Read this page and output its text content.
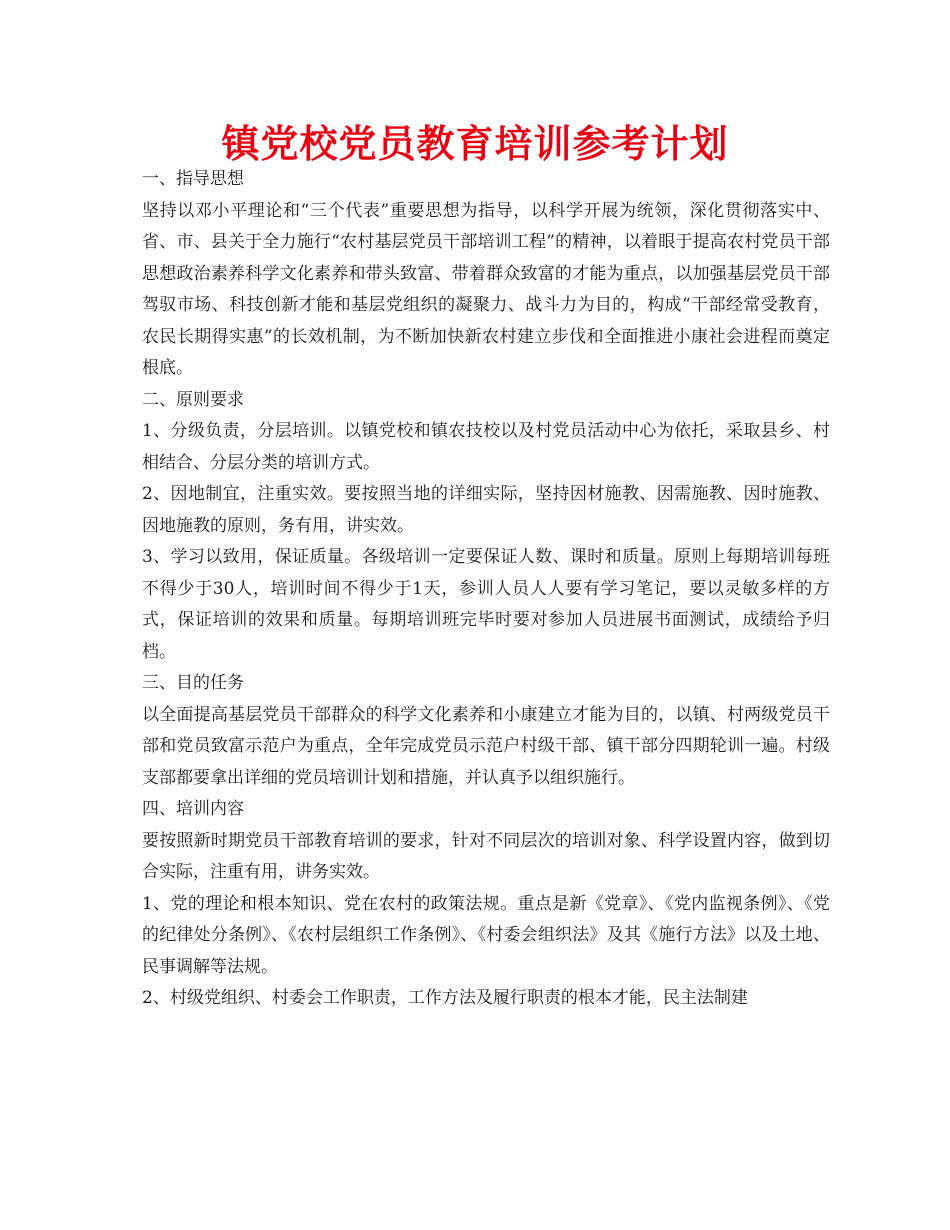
镇党校党员教育培训参考计划

一、指导思想

坚持以邓小平理论和“三个代表”重要思想为指导，以科学开展为统领，深化贯彻落实中、省、市、县关于全力施行“农村基层党员干部培训工程”的精神，以着眼于提高农村党员干部思想政治素养科学文化素养和带头致富、带着群众致富的才能为重点，以加强基层党员干部驾驭市场、科技创新才能和基层党组织的凝聚力、战斗力为目的，构成“干部经常受教育，农民长期得实惠”的长效机制，为不断加快新农村建立步伐和全面推进小康社会进程而奠定根底。

二、原则要求

1、分级负责，分层培训。以镇党校和镇农技校以及村党员活动中心为依托，采取县乡、村相结合、分层分类的培训方式。

2、因地制宜，注重实效。要按照当地的详细实际，坚持因材施教、因需施教、因时施教、因地施教的原则，务有用，讲实效。

3、学习以致用，保证质量。各级培训一定要保证人数、课时和质量。原则上每期培训每班不得少于30人，培训时间不得少于1天，参训人员人人要有学习笔记，要以灵敏多样的方式，保证培训的效果和质量。每期培训班完毕时要对参加人员进展书面测试，成绩给予归档。

三、目的任务

以全面提高基层党员干部群众的科学文化素养和小康建立才能为目的，以镇、村两级党员干部和党员致富示范户为重点，全年完成党员示范户村级干部、镇干部分四期轮训一遍。村级支部都要拿出详细的党员培训计划和措施，并认真予以组织施行。

四、培训内容

要按照新时期党员干部教育培训的要求，针对不同层次的培训对象、科学设置内容，做到切合实际，注重有用，讲务实效。

1、党的理论和根本知识、党在农村的政策法规。重点是新《党章》、《党内监视条例》、《党的纪律处分条例》、《农村层组织工作条例》、《村委会组织法》及其《施行方法》以及土地、民事调解等法规。

2、村级党组织、村委会工作职责，工作方法及履行职责的根本才能，民主法制建
